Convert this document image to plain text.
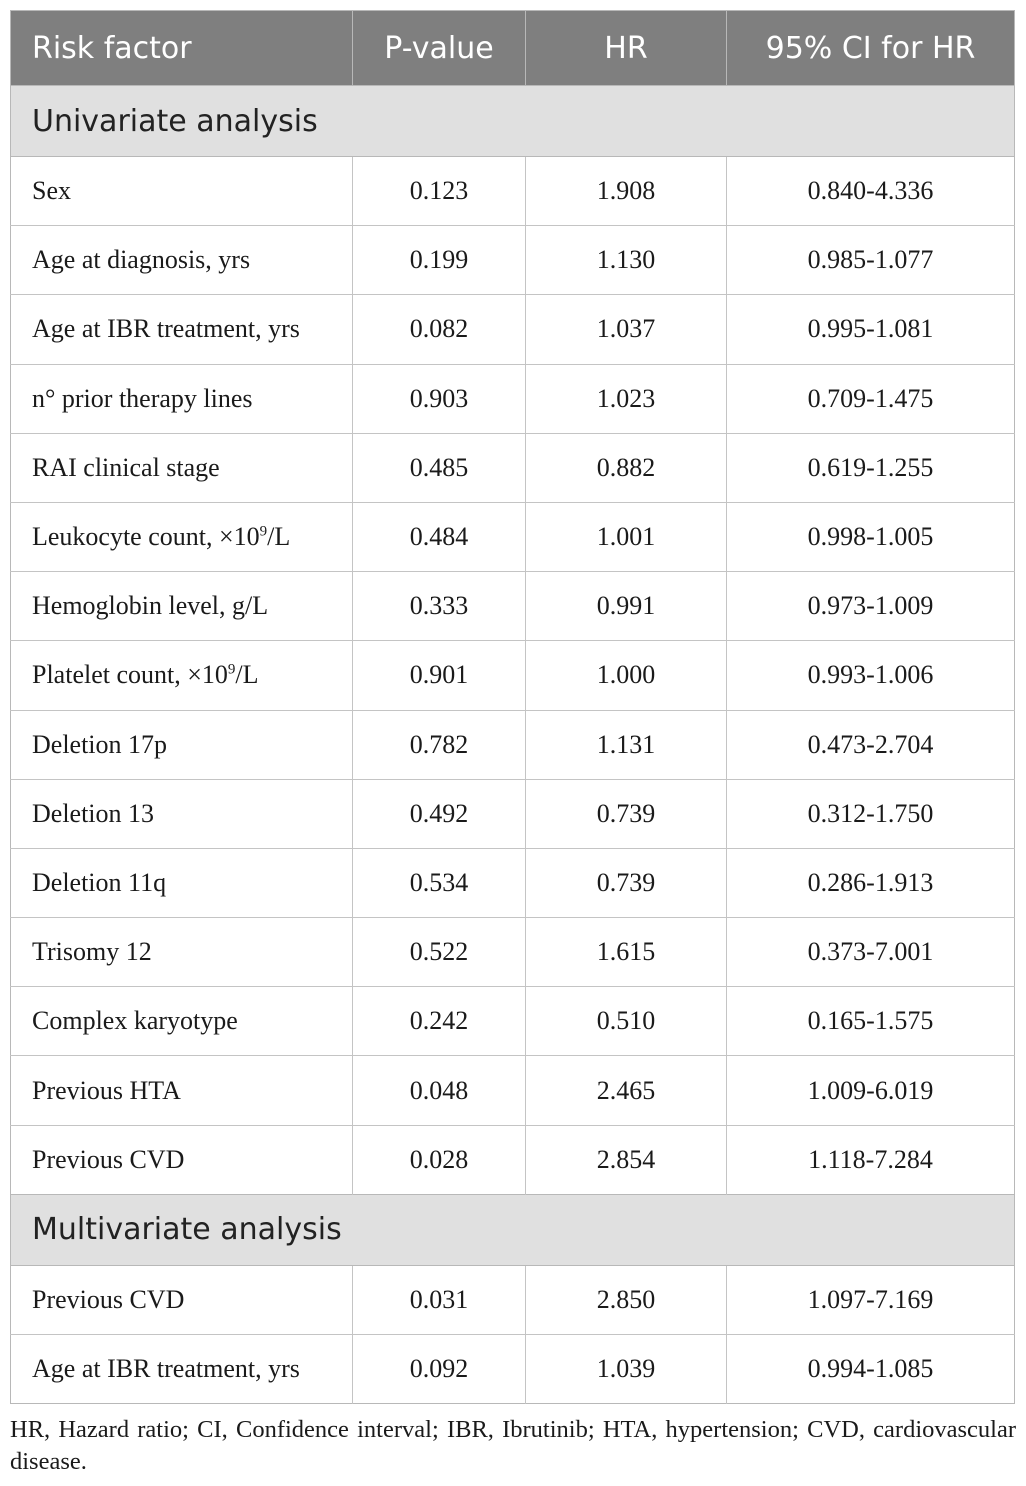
Risk factor	P-value	HR	95% CI for HR
Univariate analysis			
Sex	0.123	1.908	0.840-4.336
Age at diagnosis, yrs	0.199	1.130	0.985-1.077
Age at IBR treatment, yrs	0.082	1.037	0.995-1.081
n° prior therapy lines	0.903	1.023	0.709-1.475
RAI clinical stage	0.485	0.882	0.619-1.255
Leukocyte count, $\times 10^9/L$	0.484	1.001	0.998-1.005
Hemoglobin level, g/L	0.333	0.991	0.973-1.009
Platelet count, $\times 10^9/L$	0.901	1.000	0.993-1.006
Deletion 17p	0.782	1.131	0.473-2.704
Deletion 13	0.492	0.739	0.312-1.750
Deletion 11q	0.534	0.739	0.286-1.913
Trisomy 12	0.522	1.615	0.373-7.001
Complex karyotype	0.242	0.510	0.165-1.575
Previous HTA	0.048	2.465	1.009-6.019
Previous CVD	0.028	2.854	1.118-7.284
Multivariate analysis			
Previous CVD	0.031	2.850	1.097-7.169
Age at IBR treatment, yrs	0.092	1.039	0.994-1.085
HR, Hazard ratio; CI, Confidence interval; IBR, Ibrutinib; HTA, hypertension; CVD, cardiovascular disease.
